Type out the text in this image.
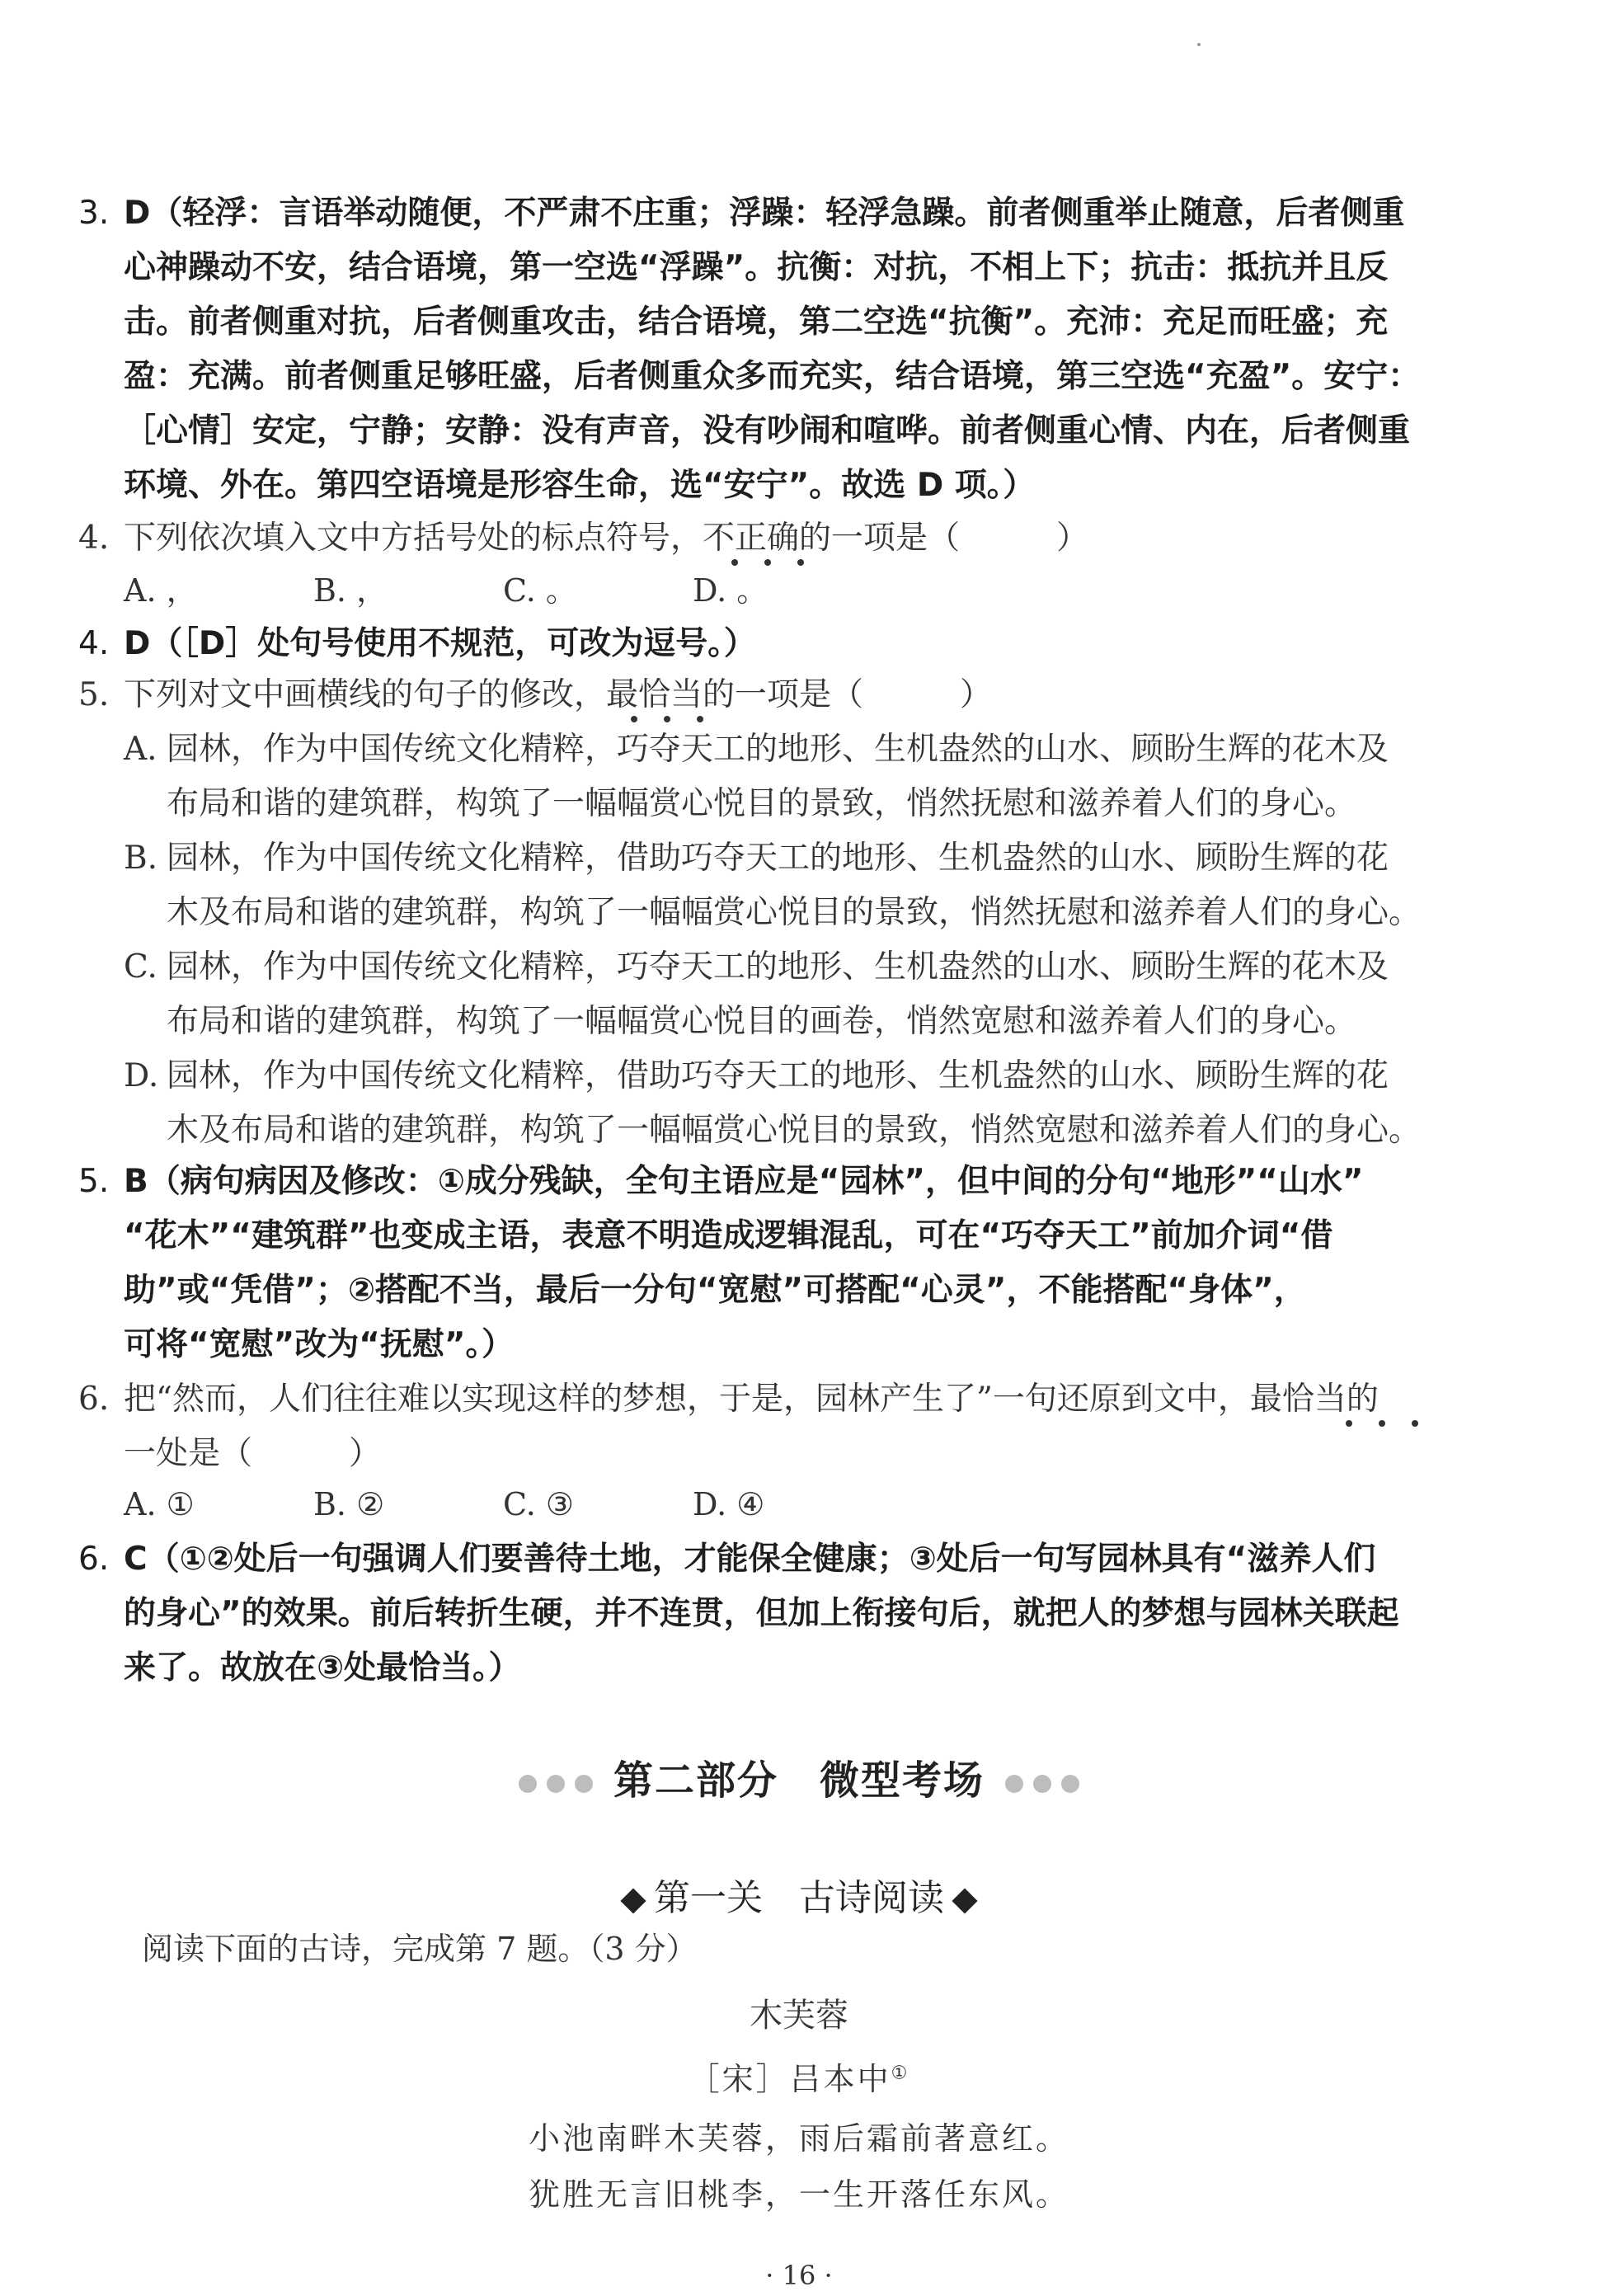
3. D（轻浮：言语举动随便，不严肃不庄重；浮躁：轻浮急躁。前者侧重举止随意，后者侧重
心神躁动不安，结合语境，第一空选“浮躁”。抗衡：对抗，不相上下；抗击：抵抗并且反
击。前者侧重对抗，后者侧重攻击，结合语境，第二空选“抗衡”。充沛：充足而旺盛；充
盈：充满。前者侧重足够旺盛，后者侧重众多而充实，结合语境，第三空选“充盈”。安宁：
［心情］安定，宁静；安静：没有声音，没有吵闹和喧哗。前者侧重心情、内在，后者侧重
环境、外在。第四空语境是形容生命，选“安宁”。故选 D 项。）
4. 下列依次填入文中方括号处的标点符号，不正确的一项是（　　　）
A. ，	B. ，	C. 。	D. 。
4. D（［D］处句号使用不规范，可改为逗号。）
5. 下列对文中画横线的句子的修改，最恰当的一项是（　　　）
A. 园林，作为中国传统文化精粹，巧夺天工的地形、生机盎然的山水、顾盼生辉的花木及
布局和谐的建筑群，构筑了一幅幅赏心悦目的景致，悄然抚慰和滋养着人们的身心。
B. 园林，作为中国传统文化精粹，借助巧夺天工的地形、生机盎然的山水、顾盼生辉的花
木及布局和谐的建筑群，构筑了一幅幅赏心悦目的景致，悄然抚慰和滋养着人们的身心。
C. 园林，作为中国传统文化精粹，巧夺天工的地形、生机盎然的山水、顾盼生辉的花木及
布局和谐的建筑群，构筑了一幅幅赏心悦目的画卷，悄然宽慰和滋养着人们的身心。
D. 园林，作为中国传统文化精粹，借助巧夺天工的地形、生机盎然的山水、顾盼生辉的花
木及布局和谐的建筑群，构筑了一幅幅赏心悦目的景致，悄然宽慰和滋养着人们的身心。
5. B（病句病因及修改：①成分残缺，全句主语应是“园林”，但中间的分句“地形”“山水”
“花木”“建筑群”也变成主语，表意不明造成逻辑混乱，可在“巧夺天工”前加介词“借
助”或“凭借”；②搭配不当，最后一分句“宽慰”可搭配“心灵”，不能搭配“身体”，
可将“宽慰”改为“抚慰”。）
6. 把“然而，人们往往难以实现这样的梦想，于是，园林产生了”一句还原到文中，最恰当的
一处是（　　　）
A. ①	B. ②	C. ③	D. ④
6. C（①②处后一句强调人们要善待土地，才能保全健康；③处后一句写园林具有“滋养人们
的身心”的效果。前后转折生硬，并不连贯，但加上衔接句后，就把人的梦想与园林关联起
来了。故放在③处最恰当。）
第二部分　微型考场
第一关　古诗阅读
阅读下面的古诗，完成第 7 题。（3 分）
木芙蓉
［宋］吕本中①
小池南畔木芙蓉，雨后霜前著意红。
犹胜无言旧桃李，一生开落任东风。
· 16 ·
